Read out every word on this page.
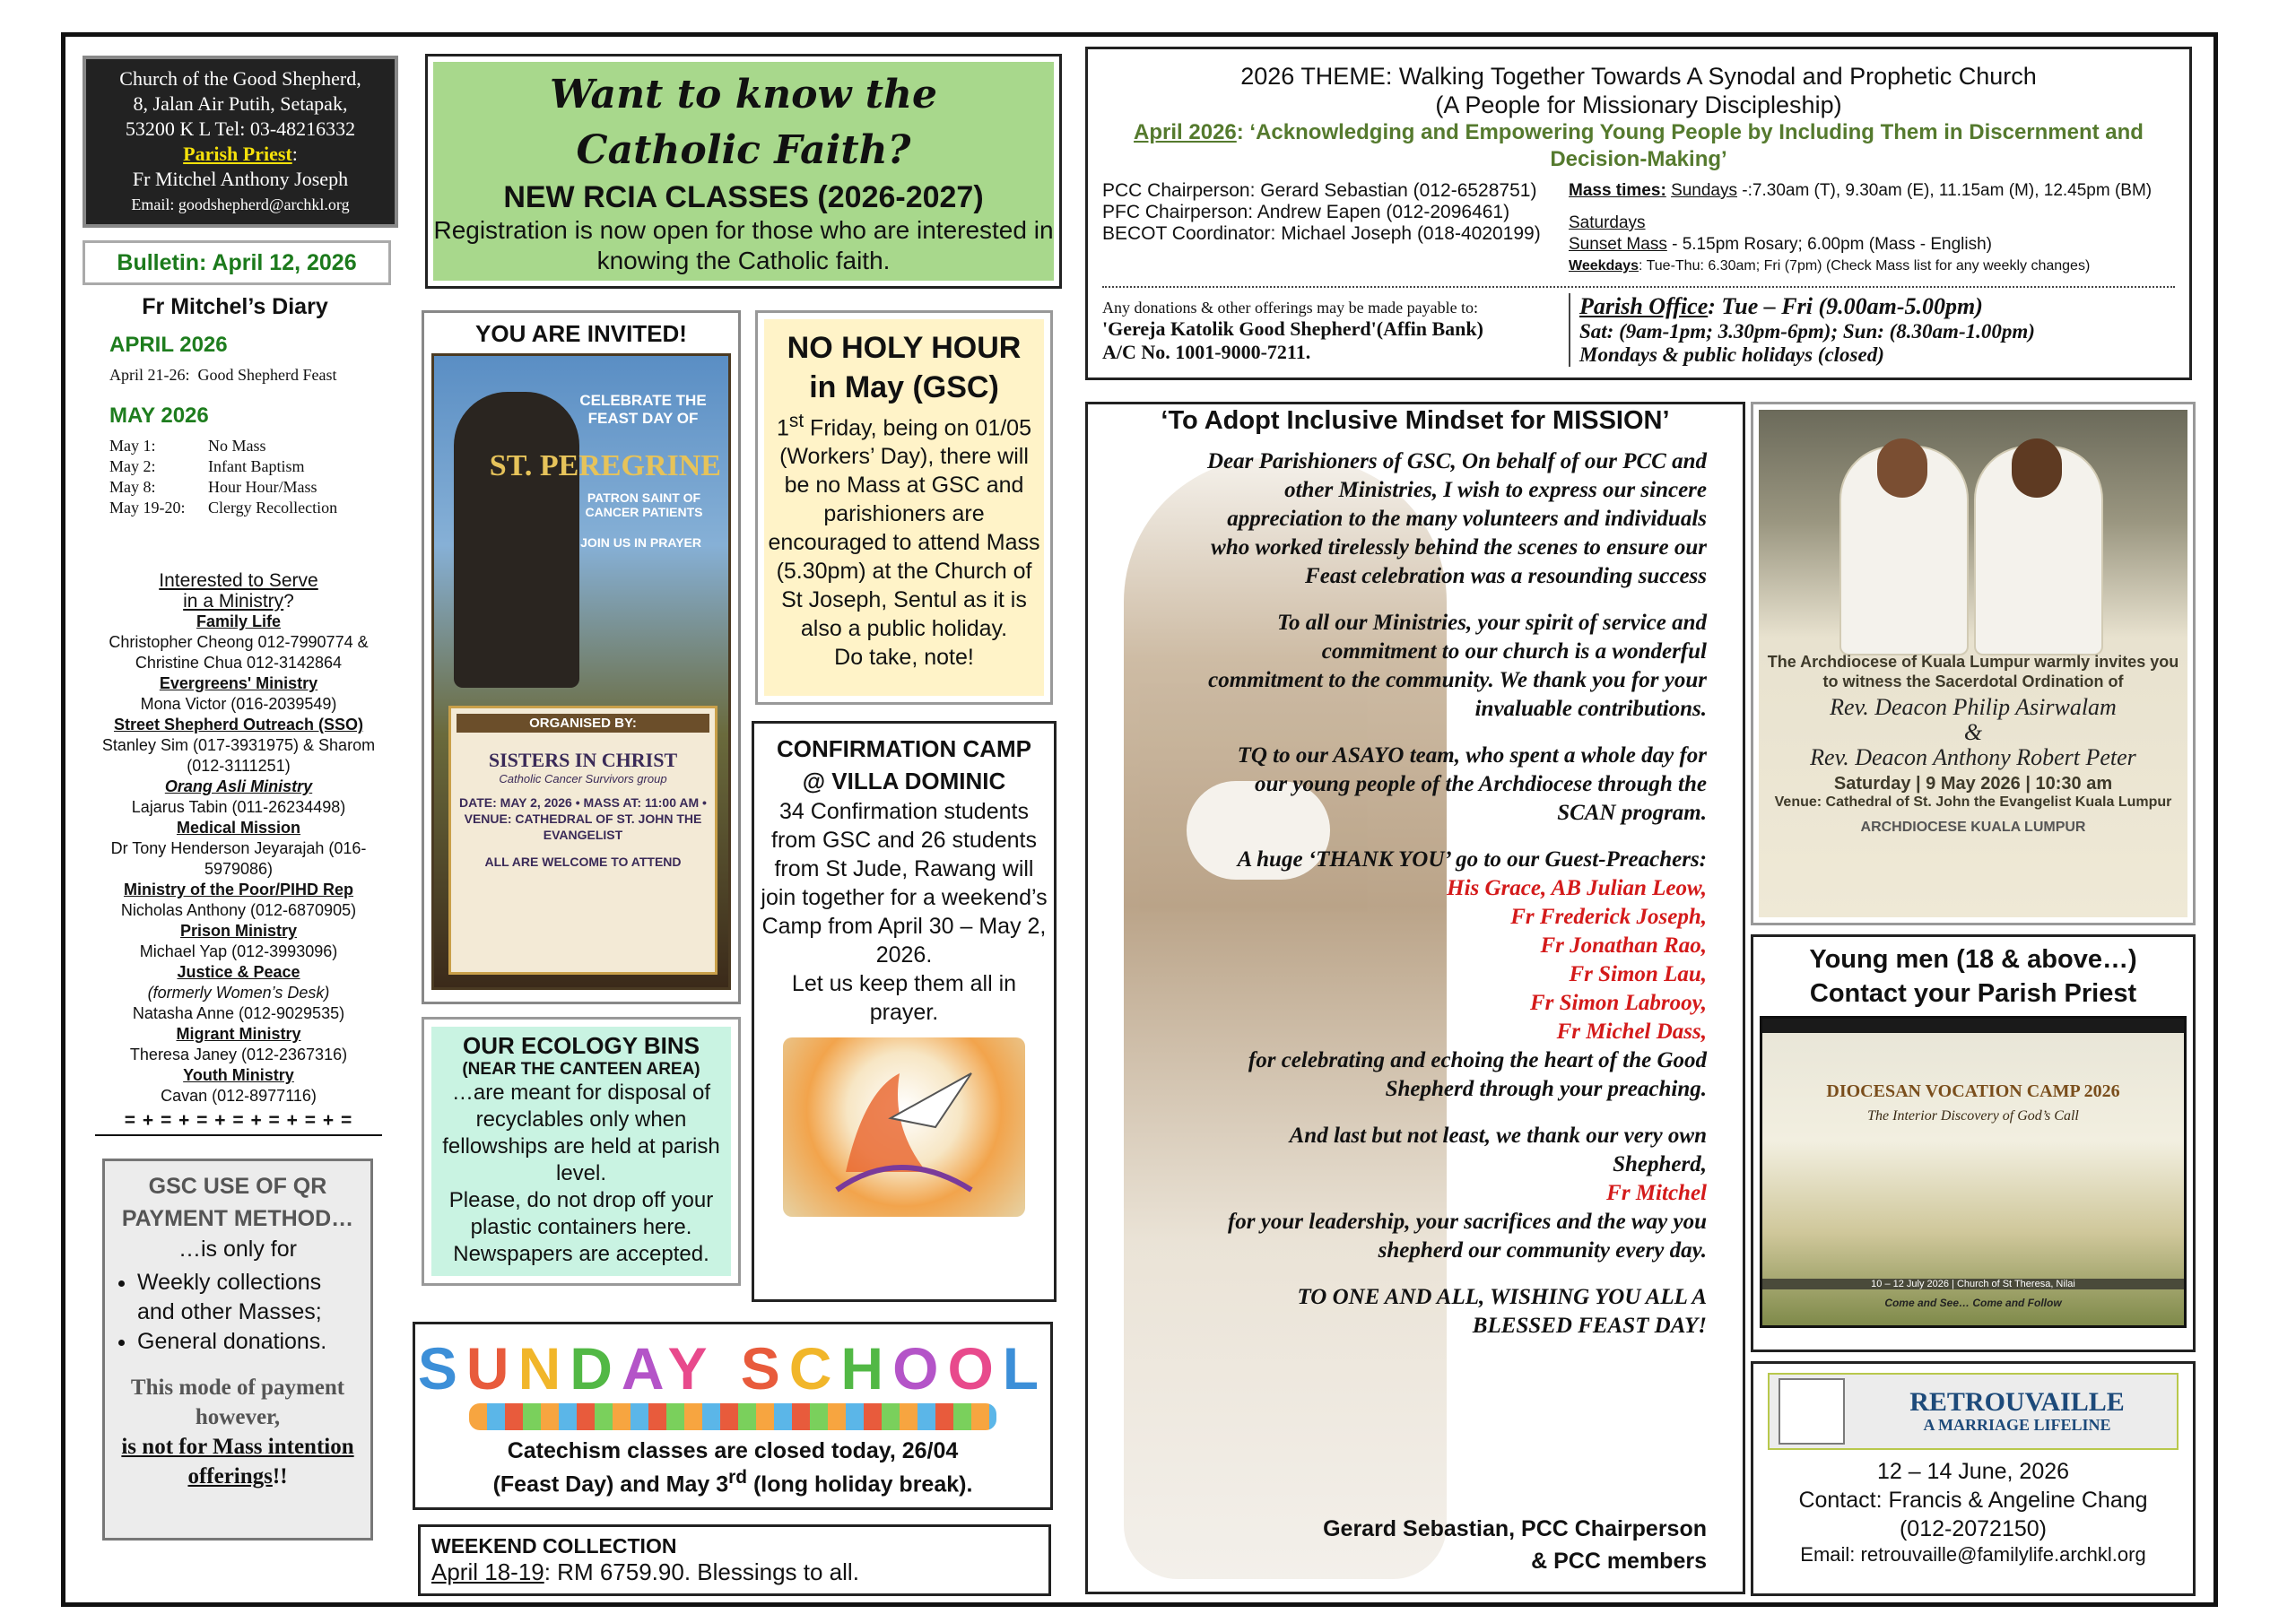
Church of the Good Shepherd,
8, Jalan Air Putih, Setapak,
53200 K L Tel: 03-48216332
Parish Priest:
Fr Mitchel Anthony Joseph
Email: goodshepherd@archkl.org
Bulletin: April 12, 2026
Fr Mitchel’s Diary
APRIL 2026
April 21-26: Good Shepherd Feast
MAY 2026
May 1:	No Mass
May 2:	Infant Baptism
May 8:	Hour Hour/Mass
May 19-20: Clergy Recollection
Interested to Serve
in a Ministry?
Family Life
Christopher Cheong 012-7990774 & Christine Chua 012-3142864
Evergreens' Ministry
Mona Victor (016-2039549)
Street Shepherd Outreach (SSO)
Stanley Sim (017-3931975) & Sharom (012-3111251)
Orang Asli Ministry
Lajarus Tabin (011-26234498)
Medical Mission
Dr Tony Henderson Jeyarajah (016-5979086)
Ministry of the Poor/PIHD Rep
Nicholas Anthony (012-6870905)
Prison Ministry
Michael Yap (012-3993096)
Justice & Peace
(formerly Women’s Desk)
Natasha Anne (012-9029535)
Migrant Ministry
Theresa Janey (012-2367316)
Youth Ministry
Cavan (012-8977116)
= + = + = + = + = + = + =
GSC USE OF QR PAYMENT METHOD…
…is only for
• Weekly collections and other Masses;
• General donations.
This mode of payment however,
is not for Mass intention offerings!!
Want to know the
Catholic Faith?
NEW RCIA CLASSES (2026-2027)
Registration is now open for those who are interested in knowing the Catholic faith.
2026 THEME: Walking Together Towards A Synodal and Prophetic Church
(A People for Missionary Discipleship)
April 2026: ‘Acknowledging and Empowering Young People by Including Them in Discernment and Decision-Making’
PCC Chairperson: Gerard Sebastian (012-6528751)
PFC Chairperson: Andrew Eapen (012-2096461)
BECOT Coordinator: Michael Joseph (018-4020199)
Mass times: Sundays -:7.30am (T), 9.30am (E), 11.15am (M), 12.45pm (BM)
Saturdays
Sunset Mass - 5.15pm Rosary; 6.00pm (Mass - English)
Weekdays: Tue-Thu: 6.30am; Fri (7pm) (Check Mass list for any weekly changes)
Any donations & other offerings may be made payable to:
'Gereja Katolik Good Shepherd'(Affin Bank)
A/C No. 1001-9000-7211.
Parish Office: Tue – Fri (9.00am-5.00pm)
Sat: (9am-1pm; 3.30pm-6pm); Sun: (8.30am-1.00pm)
Mondays & public holidays (closed)
YOU ARE INVITED!
CELEBRATE THE FEAST DAY OF
ST. PEREGRINE
PATRON SAINT OF CANCER PATIENTS
JOIN US IN PRAYER
ORGANISED BY:
SISTERS IN CHRIST
Catholic Cancer Survivors group
DATE: MAY 2, 2026 • MASS AT: 11:00 AM • VENUE: CATHEDRAL OF ST. JOHN THE EVANGELIST
ALL ARE WELCOME TO ATTEND
NO HOLY HOUR
in May (GSC)
1st Friday, being on 01/05 (Workers’ Day), there will be no Mass at GSC and parishioners are encouraged to attend Mass (5.30pm) at the Church of St Joseph, Sentul as it is also a public holiday.
Do take, note!
CONFIRMATION CAMP
@ VILLA DOMINIC
34 Confirmation students from GSC and 26 students from St Jude, Rawang will join together for a weekend’s Camp from April 30 – May 2, 2026.
Let us keep them all in prayer.
OUR ECOLOGY BINS
(NEAR THE CANTEEN AREA)
…are meant for disposal of recyclables only when fellowships are held at parish level.
Please, do not drop off your plastic containers here.
Newspapers are accepted.
SUNDAY SCHOOL
Catechism classes are closed today, 26/04
(Feast Day) and May 3rd (long holiday break).
WEEKEND COLLECTION
April 18-19: RM 6759.90. Blessings to all.
‘To Adopt Inclusive Mindset for MISSION’

Dear Parishioners of GSC, On behalf of our PCC and other Ministries, I wish to express our sincere appreciation to the many volunteers and individuals who worked tirelessly behind the scenes to ensure our Feast celebration was a resounding success

To all our Ministries, your spirit of service and commitment to our church is a wonderful commitment to the community. We thank you for your invaluable contributions.

TQ to our ASAYO team, who spent a whole day for our young people of the Archdiocese through the SCAN program.

A huge ‘THANK YOU’ go to our Guest-Preachers:

His Grace, AB Julian Leow,
Fr Frederick Joseph,
Fr Jonathan Rao,
Fr Simon Lau,
Fr Simon Labrooy,
Fr Michel Dass,

for celebrating and echoing the heart of the Good Shepherd through your preaching.

And last but not least, we thank our very own Shepherd,

Fr Mitchel

for your leadership, your sacrifices and the way you shepherd our community every day.

TO ONE AND ALL, WISHING YOU ALL A BLESSED FEAST DAY!

Gerard Sebastian, PCC Chairperson
& PCC members
The Archdiocese of Kuala Lumpur warmly invites you to witness the Sacerdotal Ordination of
Rev. Deacon Philip Asirwalam
&
Rev. Deacon Anthony Robert Peter
Saturday | 9 May 2026 | 10:30 am
Venue: Cathedral of St. John the Evangelist Kuala Lumpur
ARCHDIOCESE KUALA LUMPUR
Young men (18 & above…)
Contact your Parish Priest
DIOCESAN VOCATION CAMP 2026
The Interior Discovery of God’s Call
10 – 12 July 2026 | Church of St Theresa, Nilai
Come and See… Come and Follow
RETROUVAILLE
A MARRIAGE LIFELINE
12 – 14 June, 2026
Contact: Francis & Angeline Chang
(012-2072150)
Email: retrouvaille@familylife.archkl.org
